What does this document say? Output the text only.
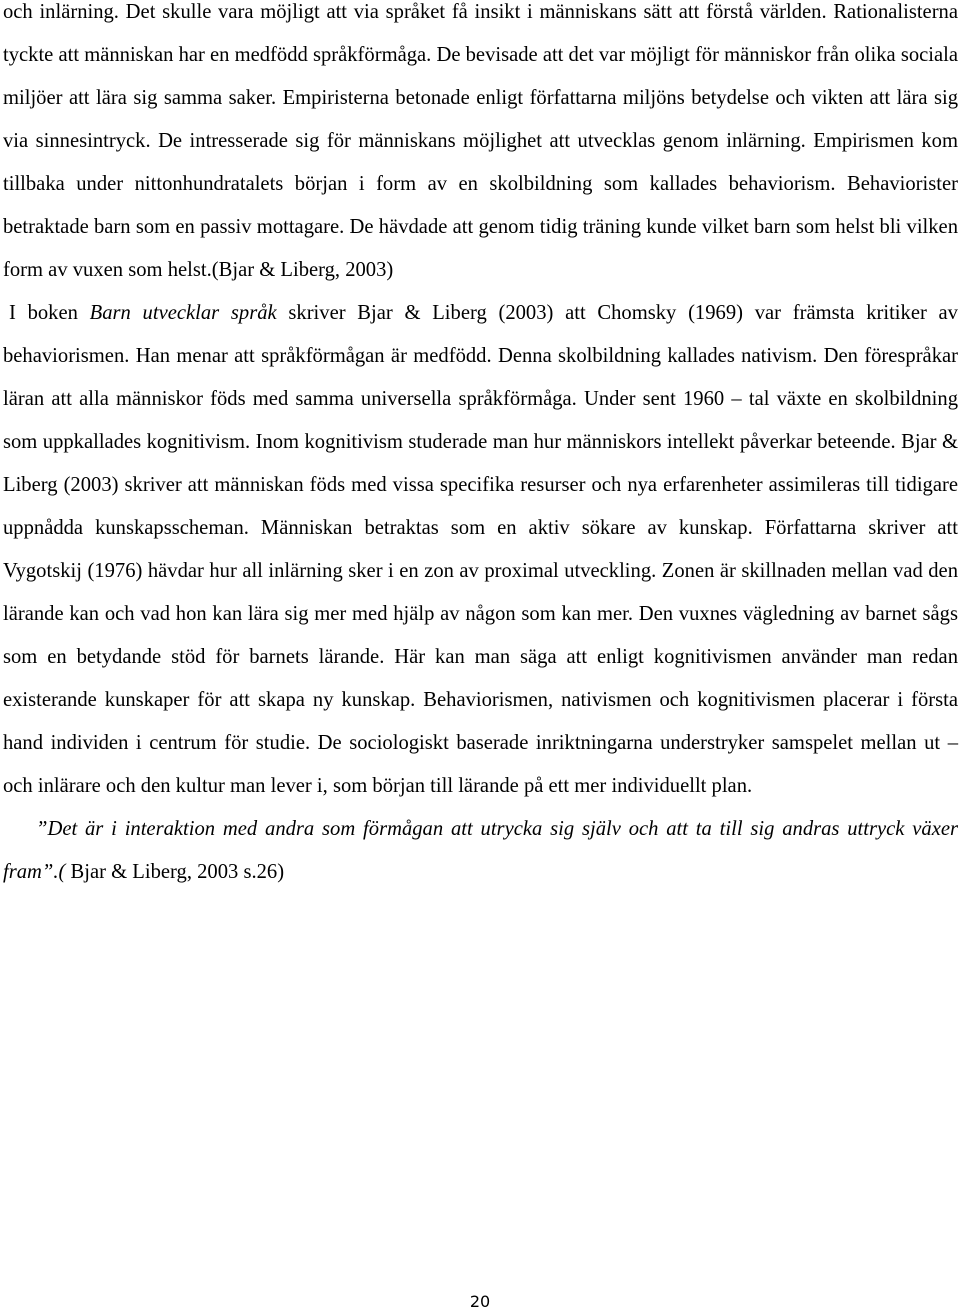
och inlärning. Det skulle vara möjligt att via språket få insikt i människans sätt att förstå världen. Rationalisterna tyckte att människan har en medfödd språkförmåga. De bevisade att det var möjligt för människor från olika sociala miljöer att lära sig samma saker. Empiristerna betonade enligt författarna miljöns betydelse och vikten att lära sig via sinnesintryck. De intresserade sig för människans möjlighet att utvecklas genom inlärning. Empirismen kom tillbaka under nittonhundratalets början i form av en skolbildning som kallades behaviorism. Behaviorister betraktade barn som en passiv mottagare. De hävdade att genom tidig träning kunde vilket barn som helst bli vilken form av vuxen som helst.(Bjar & Liberg, 2003)

I boken Barn utvecklar språk skriver Bjar & Liberg (2003) att Chomsky (1969) var främsta kritiker av behaviorismen. Han menar att språkförmågan är medfödd. Denna skolbildning kallades nativism. Den förespråkar läran att alla människor föds med samma universella språkförmåga. Under sent 1960 – tal växte en skolbildning som uppkallades kognitivism. Inom kognitivism studerade man hur människors intellekt påverkar beteende. Bjar & Liberg (2003) skriver att människan föds med vissa specifika resurser och nya erfarenheter assimileras till tidigare uppnådda kunskapsscheman. Människan betraktas som en aktiv sökare av kunskap. Författarna skriver att Vygotskij (1976) hävdar hur all inlärning sker i en zon av proximal utveckling. Zonen är skillnaden mellan vad den lärande kan och vad hon kan lära sig mer med hjälp av någon som kan mer. Den vuxnes vägledning av barnet sågs som en betydande stöd för barnets lärande. Här kan man säga att enligt kognitivismen använder man redan existerande kunskaper för att skapa ny kunskap. Behaviorismen, nativismen och kognitivismen placerar i första hand individen i centrum för studie. De sociologiskt baserade inriktningarna understryker samspelet mellan ut – och inlärare och den kultur man lever i, som början till lärande på ett mer individuellt plan.

”Det är i interaktion med andra som förmågan att utrycka sig själv och att ta till sig andras uttryck växer fram”.( Bjar & Liberg, 2003 s.26)

20
